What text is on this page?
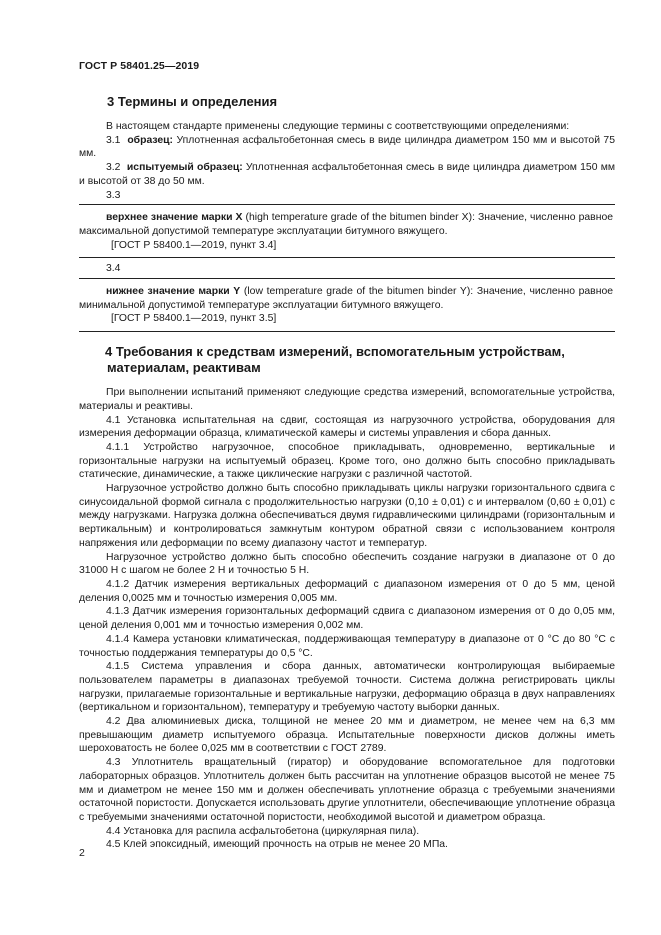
ГОСТ Р 58401.25—2019
3 Термины и определения

В настоящем стандарте применены следующие термины с соответствующими определениями:

3.1 образец: Уплотненная асфальтобетонная смесь в виде цилиндра диаметром 150 мм и высотой 75 мм.

3.2 испытуемый образец: Уплотненная асфальтобетонная смесь в виде цилиндра диаметром 150 мм и высотой от 38 до 50 мм.

3.3

верхнее значение марки X (high temperature grade of the bitumen binder X): Значение, численно равное максимальной допустимой температуре эксплуатации битумного вяжущего.

[ГОСТ Р 58400.1—2019, пункт 3.4]

3.4

нижнее значение марки Y (low temperature grade of the bitumen binder Y): Значение, численно равное минимальной допустимой температуре эксплуатации битумного вяжущего.

[ГОСТ Р 58400.1—2019, пункт 3.5]

4 Требования к средствам измерений, вспомогательным устройствам, материалам, реактивам

При выполнении испытаний применяют следующие средства измерений, вспомогательные устройства, материалы и реактивы.

4.1 Установка испытательная на сдвиг, состоящая из нагрузочного устройства, оборудования для измерения деформации образца, климатической камеры и системы управления и сбора данных.

4.1.1 Устройство нагрузочное, способное прикладывать, одновременно, вертикальные и горизонтальные нагрузки на испытуемый образец. Кроме того, оно должно быть способно прикладывать статические, динамические, а также циклические нагрузки с различной частотой.

Нагрузочное устройство должно быть способно прикладывать циклы нагрузки горизонтального сдвига с синусоидальной формой сигнала с продолжительностью нагрузки (0,10 ± 0,01) с и интервалом (0,60 ± 0,01) с между нагрузками. Нагрузка должна обеспечиваться двумя гидравлическими цилиндрами (горизонтальным и вертикальным) и контролироваться замкнутым контуром обратной связи с использованием контроля напряжения или деформации по всему диапазону частот и температур.

Нагрузочное устройство должно быть способно обеспечить создание нагрузки в диапазоне от 0 до 31000 Н с шагом не более 2 Н и точностью 5 Н.

4.1.2 Датчик измерения вертикальных деформаций с диапазоном измерения от 0 до 5 мм, ценой деления 0,0025 мм и точностью измерения 0,005 мм.

4.1.3 Датчик измерения горизонтальных деформаций сдвига с диапазоном измерения от 0 до 0,05 мм, ценой деления 0,001 мм и точностью измерения 0,002 мм.

4.1.4 Камера установки климатическая, поддерживающая температуру в диапазоне от 0 °С до 80 °С с точностью поддержания температуры до 0,5 °С.

4.1.5 Система управления и сбора данных, автоматически контролирующая выбираемые пользователем параметры в диапазонах требуемой точности. Система должна регистрировать циклы нагрузки, прилагаемые горизонтальные и вертикальные нагрузки, деформацию образца в двух направлениях (вертикальном и горизонтальном), температуру и требуемую частоту выборки данных.

4.2 Два алюминиевых диска, толщиной не менее 20 мм и диаметром, не менее чем на 6,3 мм превышающим диаметр испытуемого образца. Испытательные поверхности дисков должны иметь шероховатость не более 0,025 мм в соответствии с ГОСТ 2789.

4.3 Уплотнитель вращательный (гиратор) и оборудование вспомогательное для подготовки лабораторных образцов. Уплотнитель должен быть рассчитан на уплотнение образцов высотой не менее 75 мм и диаметром не менее 150 мм и должен обеспечивать уплотнение образца с требуемыми значениями остаточной пористости. Допускается использовать другие уплотнители, обеспечивающие уплотнение образца с требуемыми значениями остаточной пористости, необходимой высотой и диаметром образца.

4.4 Установка для распила асфальтобетона (циркулярная пила).

4.5 Клей эпоксидный, имеющий прочность на отрыв не менее 20 МПа.

2
